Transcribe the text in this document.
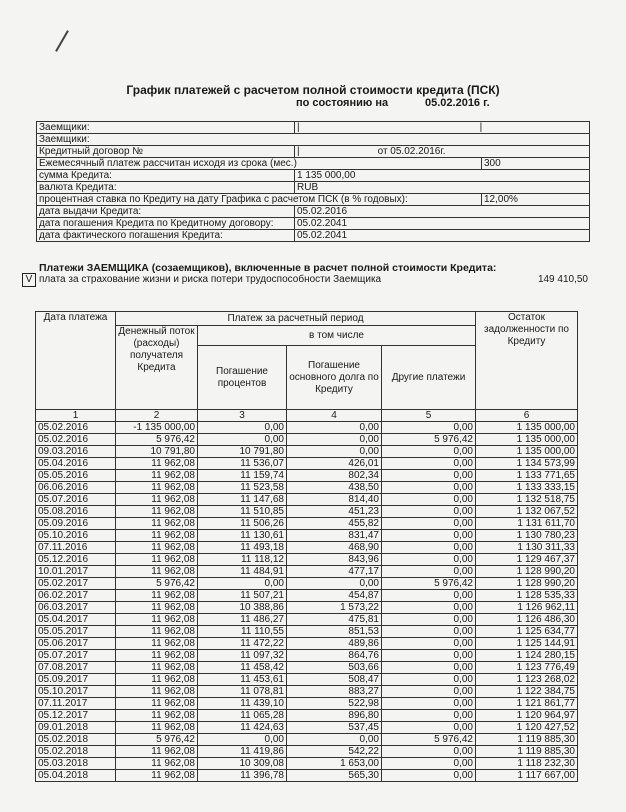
График платежей с расчетом полной стоимости кредита (ПСК)
по состоянию на	05.02.2016 г.
Заемщики:	| |	
Заемщики:		
Кредитный договор №	| от 05.02.2016г.	
Ежемесячный платеж рассчитан исходя из срока (мес.)		300
сумма Кредита:	1 135 000,00	
валюта Кредита:	RUB	
процентная ставка по Кредиту на дату Графика с расчетом ПСК (в % годовых):		12,00%
дата выдачи Кредита:	05.02.2016	
дата погашения Кредита по Кредитному договору:	05.02.2041	
дата фактического погашения Кредита:	05.02.2041	
Платежи ЗАЕМЩИКА (созаемщиков), включенные в расчет полной стоимости Кредита:
V плата за страхование жизни и риска потери трудоспособности Заемщика	149 410,50
Дата платежа	Платеж за расчетный период				Остаток задолженности по Кредиту
	Денежный поток (расходы) получателя Кредита	в том числе			
		Погашение процентов	Погашение основного долга по Кредиту	Другие платежи	
1	2	3	4	5	6
05.02.2016	-1 135 000,00	0,00	0,00	0,00	1 135 000,00
05.02.2016	5 976,42	0,00	0,00	5 976,42	1 135 000,00
09.03.2016	10 791,80	10 791,80	0,00	0,00	1 135 000,00
05.04.2016	11 962,08	11 536,07	426,01	0,00	1 134 573,99
05.05.2016	11 962,08	11 159,74	802,34	0,00	1 133 771,65
06.06.2016	11 962,08	11 523,58	438,50	0,00	1 133 333,15
05.07.2016	11 962,08	11 147,68	814,40	0,00	1 132 518,75
05.08.2016	11 962,08	11 510,85	451,23	0,00	1 132 067,52
05.09.2016	11 962,08	11 506,26	455,82	0,00	1 131 611,70
05.10.2016	11 962,08	11 130,61	831,47	0,00	1 130 780,23
07.11.2016	11 962,08	11 493,18	468,90	0,00	1 130 311,33
05.12.2016	11 962,08	11 118,12	843,96	0,00	1 129 467,37
10.01.2017	11 962,08	11 484,91	477,17	0,00	1 128 990,20
05.02.2017	5 976,42	0,00	0,00	5 976,42	1 128 990,20
06.02.2017	11 962,08	11 507,21	454,87	0,00	1 128 535,33
06.03.2017	11 962,08	10 388,86	1 573,22	0,00	1 126 962,11
05.04.2017	11 962,08	11 486,27	475,81	0,00	1 126 486,30
05.05.2017	11 962,08	11 110,55	851,53	0,00	1 125 634,77
05.06.2017	11 962,08	11 472,22	489,86	0,00	1 125 144,91
05.07.2017	11 962,08	11 097,32	864,76	0,00	1 124 280,15
07.08.2017	11 962,08	11 458,42	503,66	0,00	1 123 776,49
05.09.2017	11 962,08	11 453,61	508,47	0,00	1 123 268,02
05.10.2017	11 962,08	11 078,81	883,27	0,00	1 122 384,75
07.11.2017	11 962,08	11 439,10	522,98	0,00	1 121 861,77
05.12.2017	11 962,08	11 065,28	896,80	0,00	1 120 964,97
09.01.2018	11 962,08	11 424,63	537,45	0,00	1 120 427,52
05.02.2018	5 976,42	0,00	0,00	5 976,42	1 119 885,30
05.02.2018	11 962,08	11 419,86	542,22	0,00	1 119 885,30
05.03.2018	11 962,08	10 309,08	1 653,00	0,00	1 118 232,30
05.04.2018	11 962,08	11 396,78	565,30	0,00	1 117 667,00
